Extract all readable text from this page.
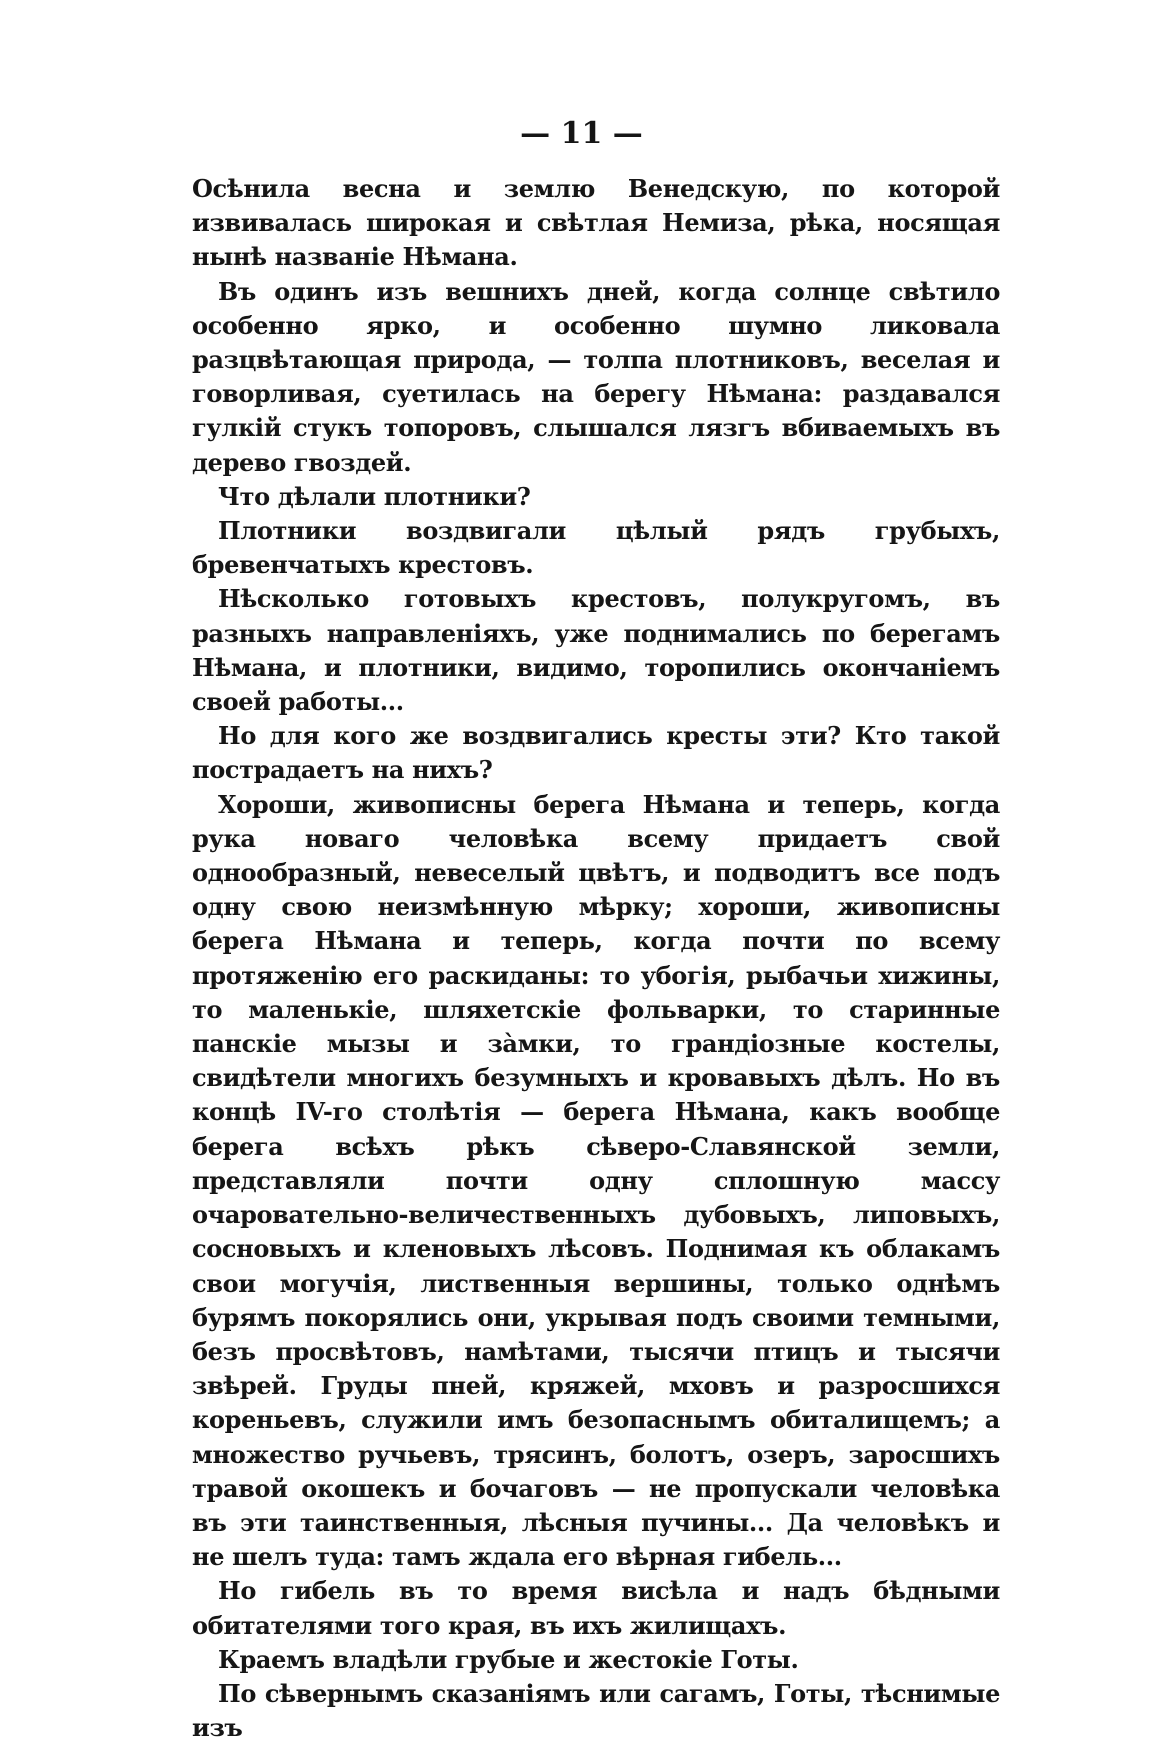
— 11 —

Осѣнила весна и землю Венедскую, по которой извивалась широкая и свѣтлая Немиза, рѣка, носящая нынѣ названіе Нѣмана.

Въ одинъ изъ вешнихъ дней, когда солнце свѣтило особенно ярко, и особенно шумно ликовала разцвѣтающая природа, — толпа плотниковъ, веселая и говорливая, суетилась на берегу Нѣмана: раздавался гулкій стукъ топоровъ, слышался лязгъ вбиваемыхъ въ дерево гвоздей.

Что дѣлали плотники?

Плотники воздвигали цѣлый рядъ грубыхъ, бревенчатыхъ крестовъ.

Нѣсколько готовыхъ крестовъ, полукругомъ, въ разныхъ направленіяхъ, уже поднимались по берегамъ Нѣмана, и плотники, видимо, торопились окончаніемъ своей работы...

Но для кого же воздвигались кресты эти? Кто такой пострадаетъ на нихъ?

Хороши, живописны берега Нѣмана и теперь, когда рука новаго человѣка всему придаетъ свой однообразный, невеселый цвѣтъ, и подводитъ все подъ одну свою неизмѣнную мѣрку; хороши, живописны берега Нѣмана и теперь, когда почти по всему протяженію его раскиданы: то убогія, рыбачьи хижины, то маленькіе, шляхетскіе фольварки, то старинные панскіе мызы и зàмки, то грандіозные костелы, свидѣтели многихъ безумныхъ и кровавыхъ дѣлъ. Но въ концѣ IV-го столѣтія — берега Нѣмана, какъ вообще берега всѣхъ рѣкъ сѣверо-Славянской земли, представляли почти одну сплошную массу очаровательно-величественныхъ дубовыхъ, липовыхъ, сосновыхъ и кленовыхъ лѣсовъ. Поднимая къ облакамъ свои могучія, лиственныя вершины, только однѣмъ бурямъ покорялись они, укрывая подъ своими темными, безъ просвѣтовъ, намѣтами, тысячи птицъ и тысячи звѣрей. Груды пней, кряжей, мховъ и разросшихся кореньевъ, служили имъ безопаснымъ обиталищемъ; а множество ручьевъ, трясинъ, болотъ, озеръ, заросшихъ травой окошекъ и бочаговъ — не пропускали человѣка въ эти таинственныя, лѣсныя пучины... Да человѣкъ и не шелъ туда: тамъ ждала его вѣрная гибель...

Но гибель въ то время висѣла и надъ бѣдными обитателями того края, въ ихъ жилищахъ.

Краемъ владѣли грубые и жестокіе Готы.

По сѣвернымъ сказаніямъ или сагамъ, Готы, тѣснимые изъ
